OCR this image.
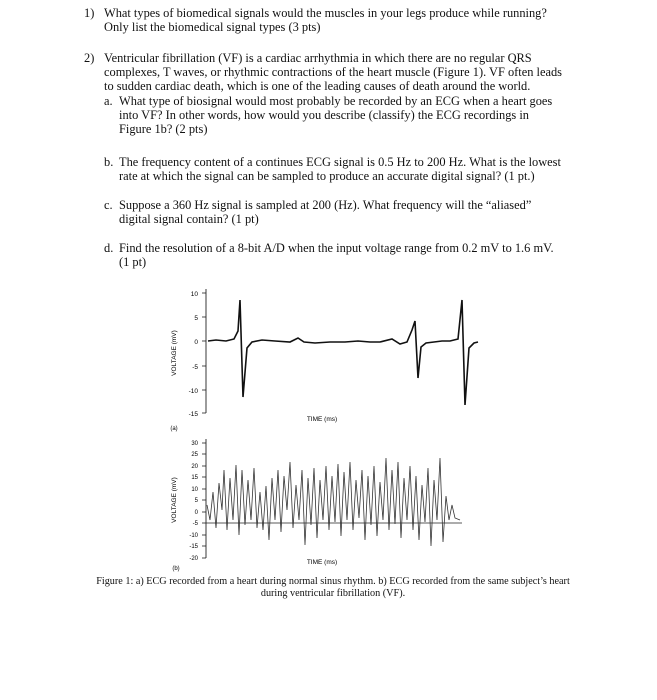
1) What types of biomedical signals would the muscles in your legs produce while running?
Only list the biomedical signal types (3 pts)
2) Ventricular fibrillation (VF) is a cardiac arrhythmia in which there are no regular QRS
complexes, T waves, or rhythmic contractions of the heart muscle (Figure 1). VF often leads
to sudden cardiac death, which is one of the leading causes of death around the world.
a. What type of biosignal would most probably be recorded by an ECG when a heart goes
into VF? In other words, how would you describe (classify) the ECG recordings in
Figure 1b? (2 pts)
b. The frequency content of a continues ECG signal is 0.5 Hz to 200 Hz. What is the lowest
rate at which the signal can be sampled to produce an accurate digital signal? (1 pt.)
c. Suppose a 360 Hz signal is sampled at 200 (Hz). What frequency will the “aliased”
digital signal contain? (1 pt)
d. Find the resolution of a 8-bit A/D when the input voltage range from 0.2 mV to 1.6 mV.
(1 pt)
10
5
0
-5
-10
-15
VOLTAGE (mV)
TIME (ms)
(a)
30
25
20
15
10
5
0
-5
-10
-15
-20
VOLTAGE (mV)
TIME (ms)
(b)
Figure 1: a) ECG recorded from a heart during normal sinus rhythm. b) ECG recorded from the same subject’s heart
during ventricular fibrillation (VF).
